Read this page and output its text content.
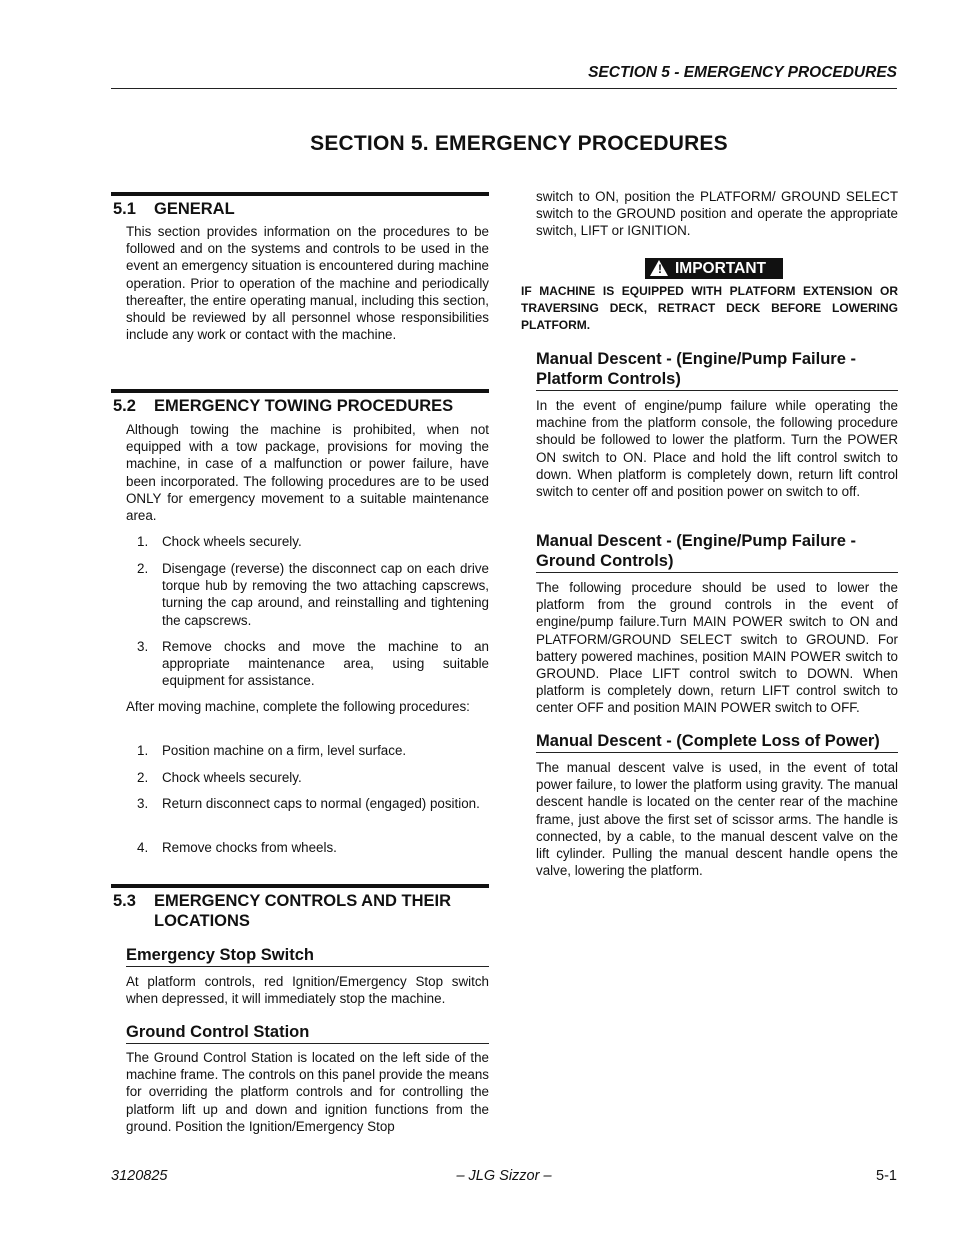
SECTION 5 - EMERGENCY PROCEDURES
SECTION 5. EMERGENCY PROCEDURES
5.1 GENERAL

This section provides information on the procedures to be followed and on the systems and controls to be used in the event an emergency situation is encountered during machine operation. Prior to operation of the machine and periodically thereafter, the entire operating manual, including this section, should be reviewed by all personnel whose responsibilities include any work or contact with the machine.

5.2 EMERGENCY TOWING PROCEDURES

Although towing the machine is prohibited, when not equipped with a tow package, provisions for moving the machine, in case of a malfunction or power failure, have been incorporated. The following procedures are to be used ONLY for emergency movement to a suitable maintenance area.

1.	Chock wheels securely.
2.	Disengage (reverse) the disconnect cap on each drive torque hub by removing the two attaching capscrews, turning the cap around, and reinstalling and tightening the capscrews.
3.	Remove chocks and move the machine to an appropriate maintenance area, using suitable equipment for assistance.

After moving machine, complete the following procedures:

1.	Position machine on a firm, level surface.
2.	Chock wheels securely.
3.	Return disconnect caps to normal (engaged) position.
4.	Remove chocks from wheels.
5.3 EMERGENCY CONTROLS AND THEIR LOCATIONS
Emergency Stop Switch

At platform controls, red Ignition/Emergency Stop switch when depressed, it will immediately stop the machine.

Ground Control Station

The Ground Control Station is located on the left side of the machine frame. The controls on this panel provide the means for overriding the platform controls and for controlling the platform lift up and down and ignition functions from the ground. Position the Ignition/Emergency Stop

switch to ON, position the PLATFORM/ GROUND SELECT switch to the GROUND position and operate the appropriate switch, LIFT or IGNITION.

! IMPORTANT

IF MACHINE IS EQUIPPED WITH PLATFORM EXTENSION OR TRAVERSING DECK, RETRACT DECK BEFORE LOWERING PLATFORM.

Manual Descent - (Engine/Pump Failure -
Platform Controls)

In the event of engine/pump failure while operating the machine from the platform console, the following procedure should be followed to lower the platform. Turn the POWER ON switch to ON. Place and hold the lift control switch to down. When platform is completely down, return lift control switch to center off and position power on switch to off.

Manual Descent - (Engine/Pump Failure -
Ground Controls)

The following procedure should be used to lower the platform from the ground controls in the event of engine/pump failure.Turn MAIN POWER switch to ON and PLATFORM/GROUND SELECT switch to GROUND. For battery powered machines, position MAIN POWER switch to GROUND. Place LIFT control switch to DOWN. When platform is completely down, return LIFT control switch to center OFF and position MAIN POWER switch to OFF.

Manual Descent - (Complete Loss of Power)

The manual descent valve is used, in the event of total power failure, to lower the platform using gravity. The manual descent handle is located on the center rear of the machine frame, just above the first set of scissor arms. The handle is connected, by a cable, to the manual descent valve on the lift cylinder. Pulling the manual descent handle opens the valve, lowering the platform.

3120825	– JLG Sizzor –	5-1
